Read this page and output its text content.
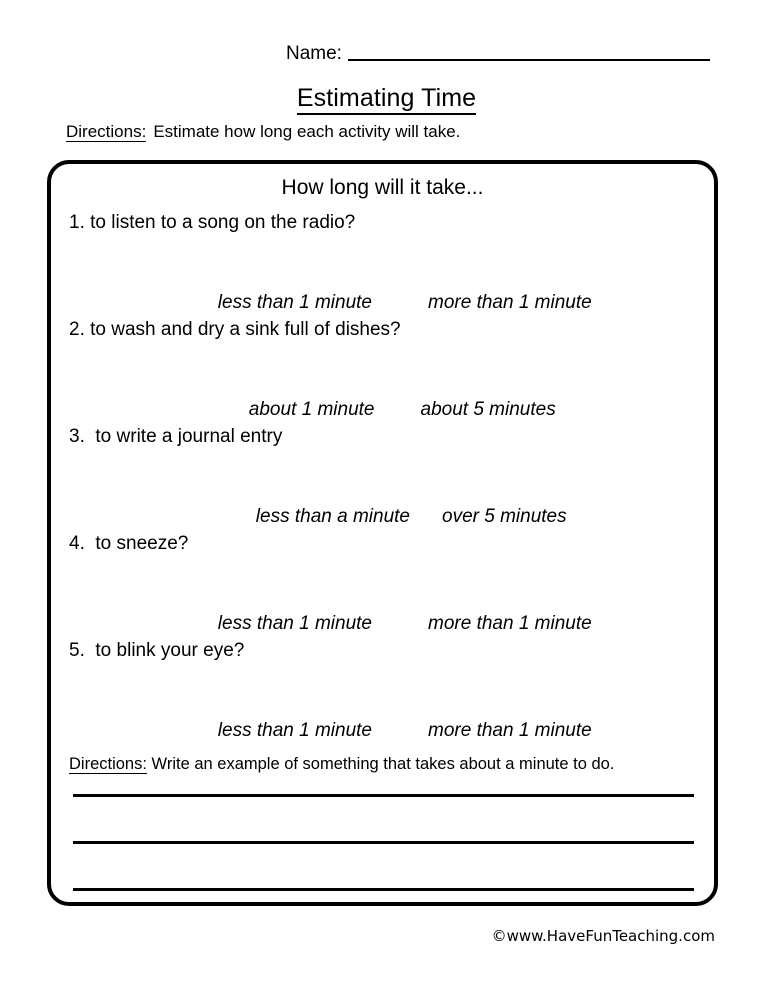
Name:
Estimating Time
Directions: Estimate how long each activity will take.
How long will it take...
1. to listen to a song on the radio?

less than 1 minute	more than 1 minute

2. to wash and dry a sink full of dishes?

about 1 minute about 5 minutes

3.  to write a journal entry

less than a minute over 5 minutes

4.  to sneeze?

less than 1 minute	more than 1 minute

5.  to blink your eye?

less than 1 minute	more than 1 minute

Directions: Write an example of something that takes about a minute to do.
©www.HaveFunTeaching.com
